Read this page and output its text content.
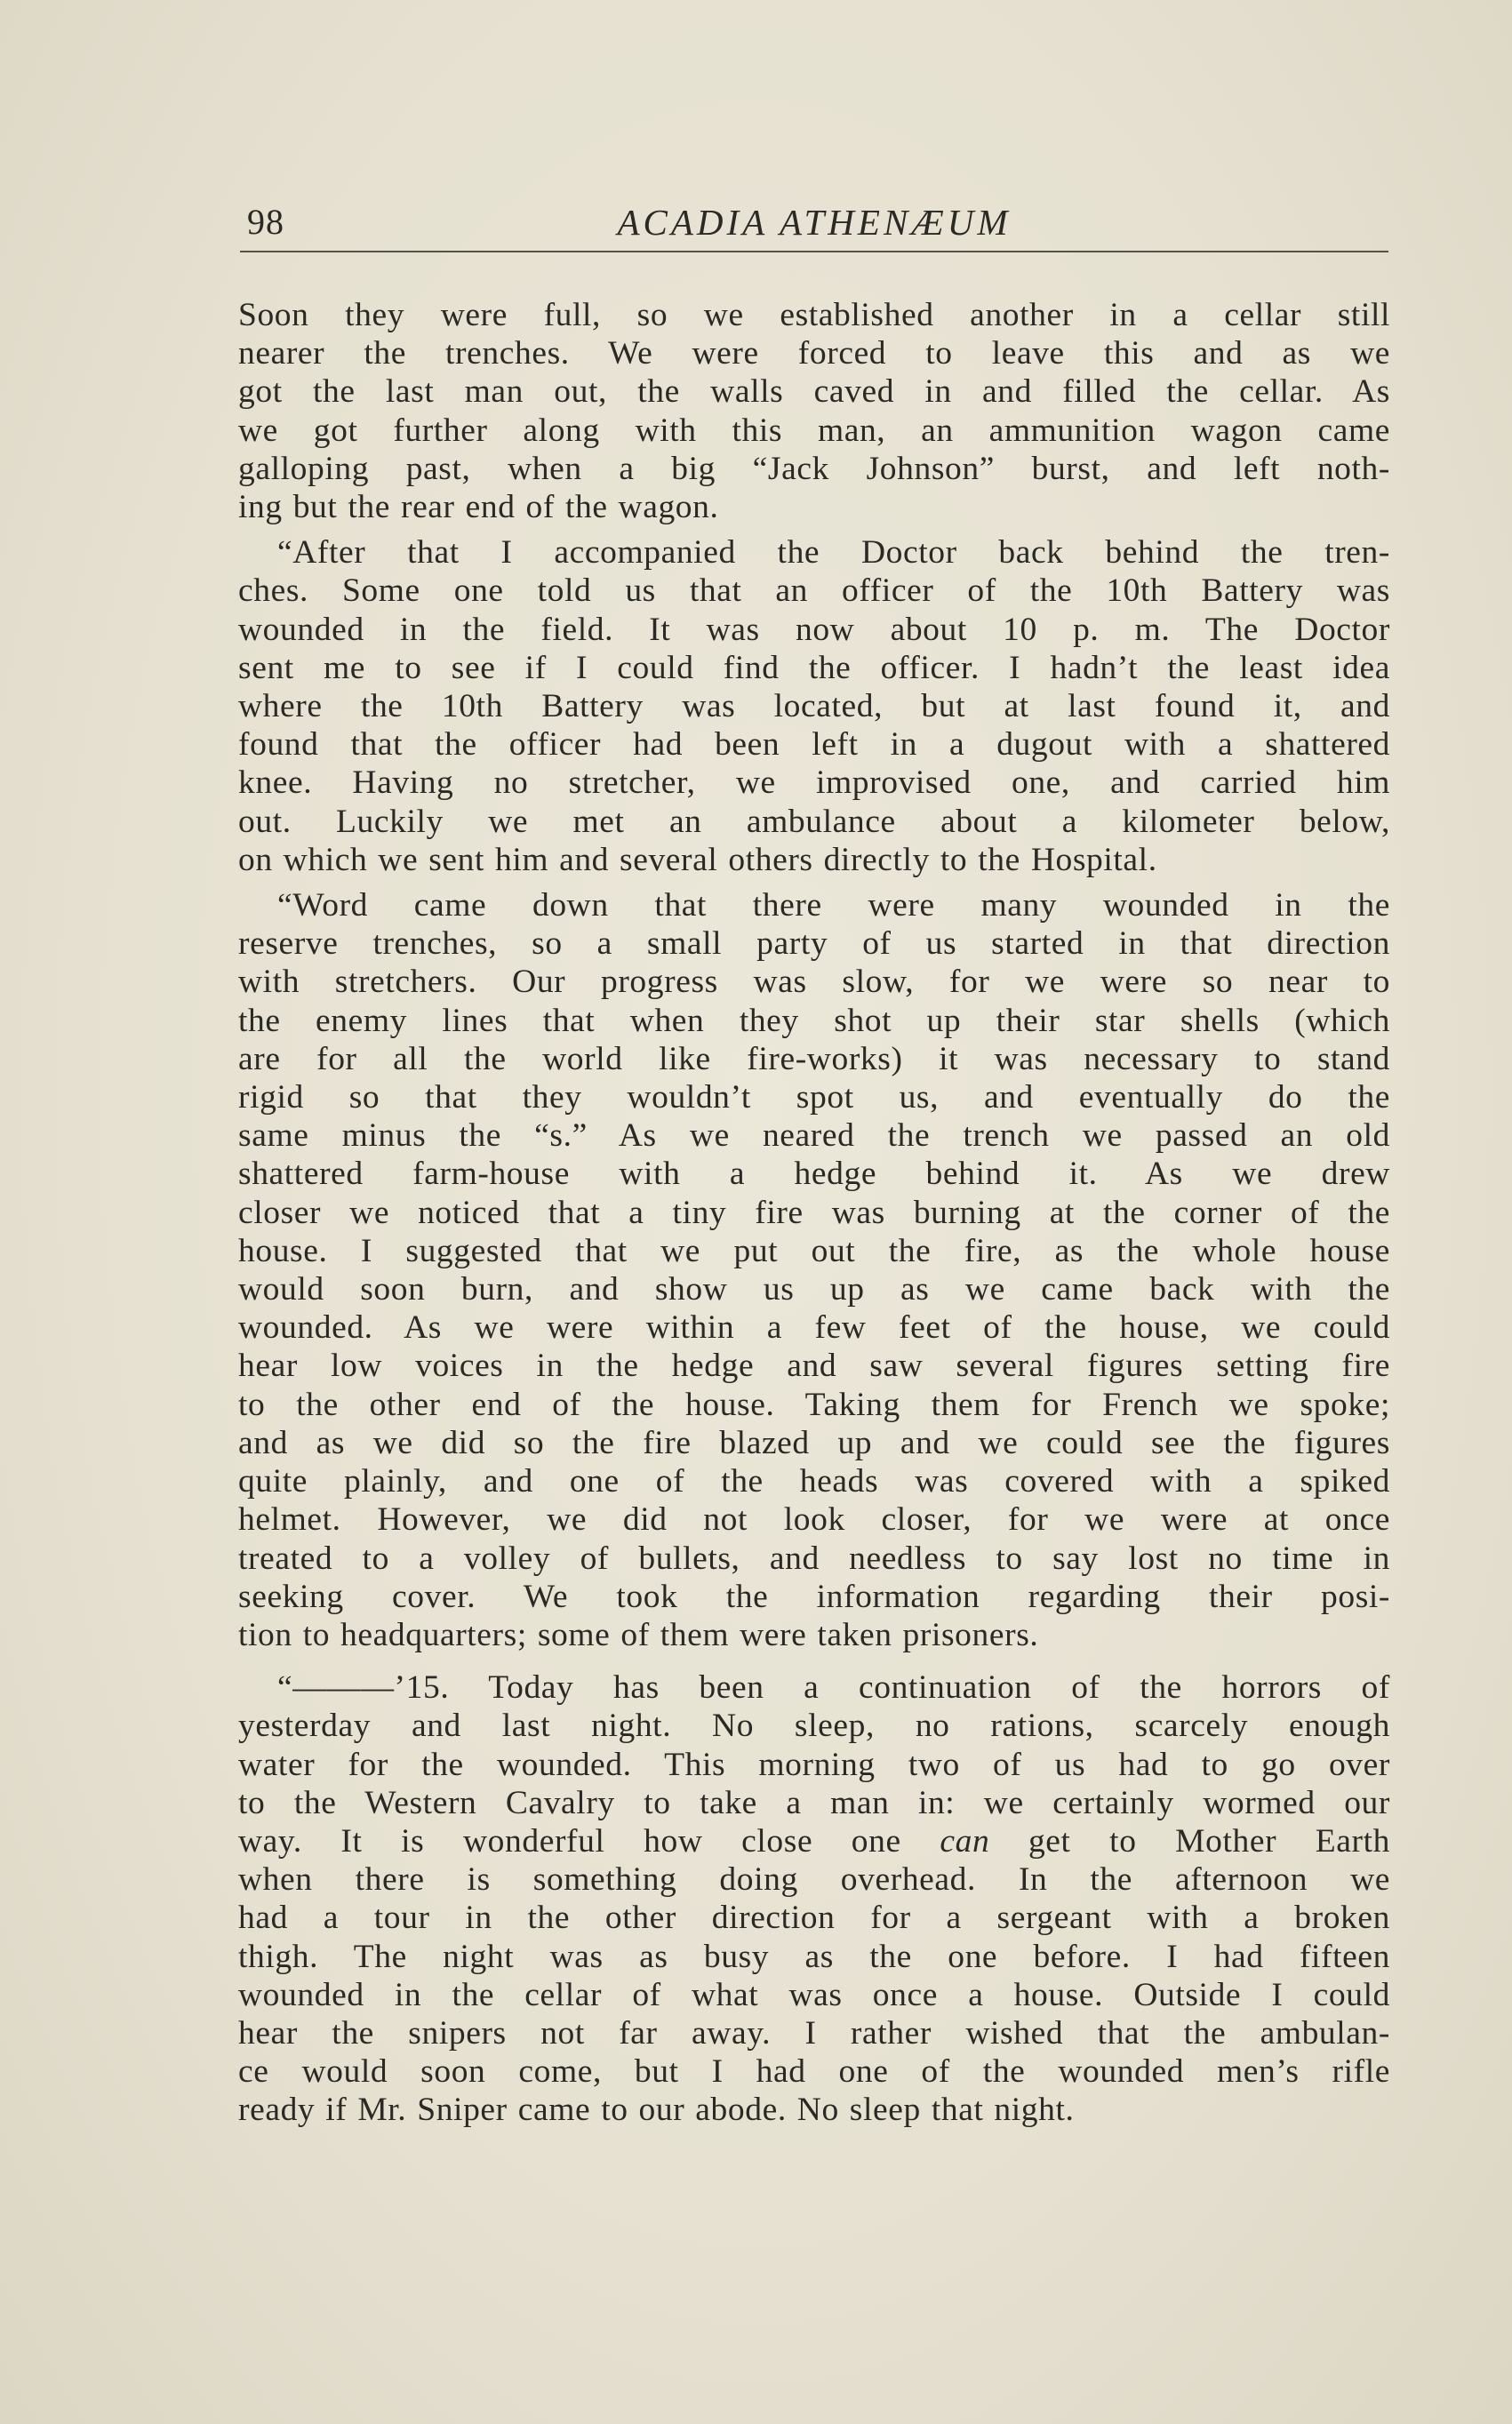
98	ACADIA ATHENÆUM

Soon they were full, so we established another in a cellar still
nearer the trenches. We were forced to leave this and as we
got the last man out, the walls caved in and filled the cellar. As
we got further along with this man, an ammunition wagon came
galloping past, when a big “Jack Johnson” burst, and left noth-
ing but the rear end of the wagon.

“After that I accompanied the Doctor back behind the tren-
ches. Some one told us that an officer of the 10th Battery was
wounded in the field. It was now about 10 p. m. The Doctor
sent me to see if I could find the officer. I hadn’t the least idea
where the 10th Battery was located, but at last found it, and
found that the officer had been left in a dugout with a shattered
knee. Having no stretcher, we improvised one, and carried him
out. Luckily we met an ambulance about a kilometer below,
on which we sent him and several others directly to the Hospital.

“Word came down that there were many wounded in the
reserve trenches, so a small party of us started in that direction
with stretchers. Our progress was slow, for we were so near to
the enemy lines that when they shot up their star shells (which
are for all the world like fire-works) it was necessary to stand
rigid so that they wouldn’t spot us, and eventually do the
same minus the “s.” As we neared the trench we passed an old
shattered farm-house with a hedge behind it. As we drew
closer we noticed that a tiny fire was burning at the corner of the
house. I suggested that we put out the fire, as the whole house
would soon burn, and show us up as we came back with the
wounded. As we were within a few feet of the house, we could
hear low voices in the hedge and saw several figures setting fire
to the other end of the house. Taking them for French we spoke;
and as we did so the fire blazed up and we could see the figures
quite plainly, and one of the heads was covered with a spiked
helmet. However, we did not look closer, for we were at once
treated to a volley of bullets, and needless to say lost no time in
seeking cover. We took the information regarding their posi-
tion to headquarters; some of them were taken prisoners.

“———’15. Today has been a continuation of the horrors of
yesterday and last night. No sleep, no rations, scarcely enough
water for the wounded. This morning two of us had to go over
to the Western Cavalry to take a man in: we certainly wormed our
way. It is wonderful how close one can get to Mother Earth
when there is something doing overhead. In the afternoon we
had a tour in the other direction for a sergeant with a broken
thigh. The night was as busy as the one before. I had fifteen
wounded in the cellar of what was once a house. Outside I could
hear the snipers not far away. I rather wished that the ambulan-
ce would soon come, but I had one of the wounded men’s rifle
ready if Mr. Sniper came to our abode. No sleep that night.
